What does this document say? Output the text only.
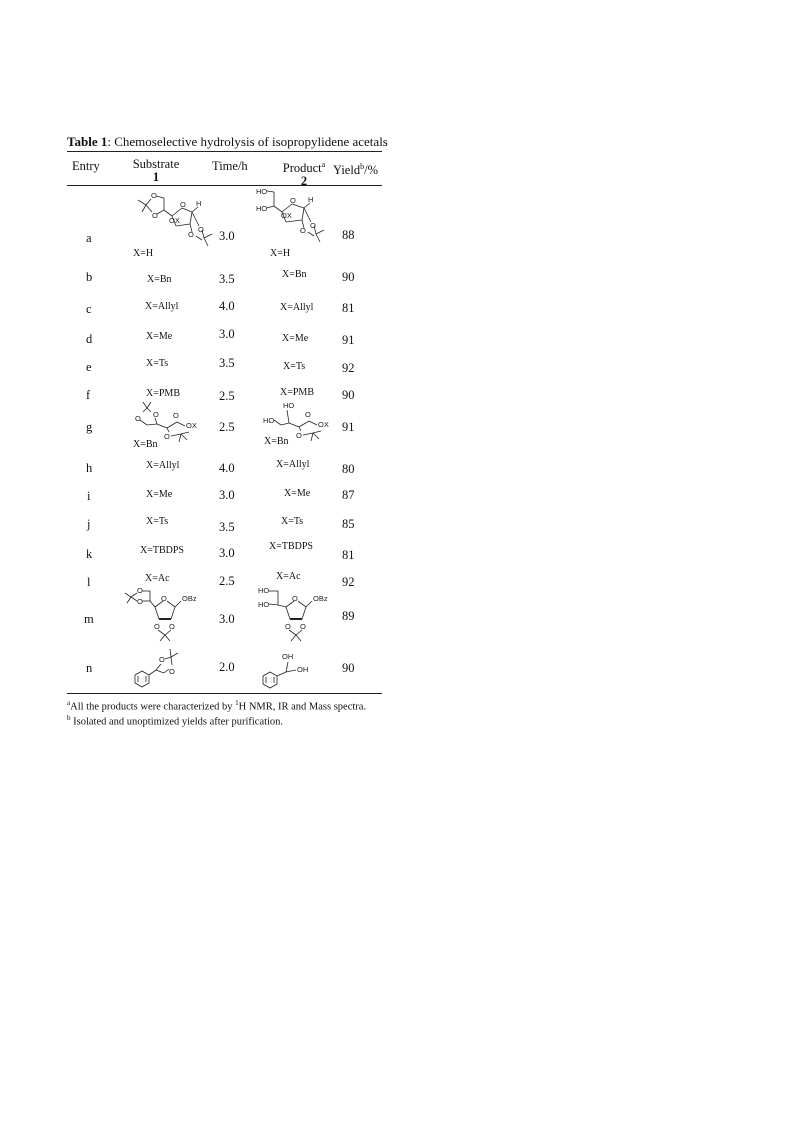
Table 1: Chemoselective hydrolysis of isopropylidene acetals
Entry	Substrate
1
Time/h	Product$^a$
2
Yield$^b$/%
a
b
c
d
e
f
g
h
i
j
k
l
m
n
3.0
3.5
4.0
3.0
3.5
2.5
2.5
4.0
3.0
3.5
3.0
2.5
3.0
2.0
88
90
81
91
92
90
91
80
87
85
81
92
89
90
X=H
X=Bn
X=Allyl
X=Me
X=Ts
X=PMB
X=Bn
X=Allyl
X=Me
X=Ts
X=TBDPS
X=Ac
X=H
X=Bn
X=Allyl
X=Me
X=Ts
X=PMB
X=Bn
X=Allyl
X=Me
X=Ts
X=TBDPS
X=Ac
O
O
O H
OX
O
O
HO
HO
O
OX
H
O
O
O O O
OX
O
HO
HO
O
OX
O
O
O O OBz
O O
HO
HO
O OBz
O O
O
O
OH
OH
$^a$All the products were characterized by $^1$H NMR, IR and Mass spectra.
$^b$ Isolated and unoptimized yields after purification.
